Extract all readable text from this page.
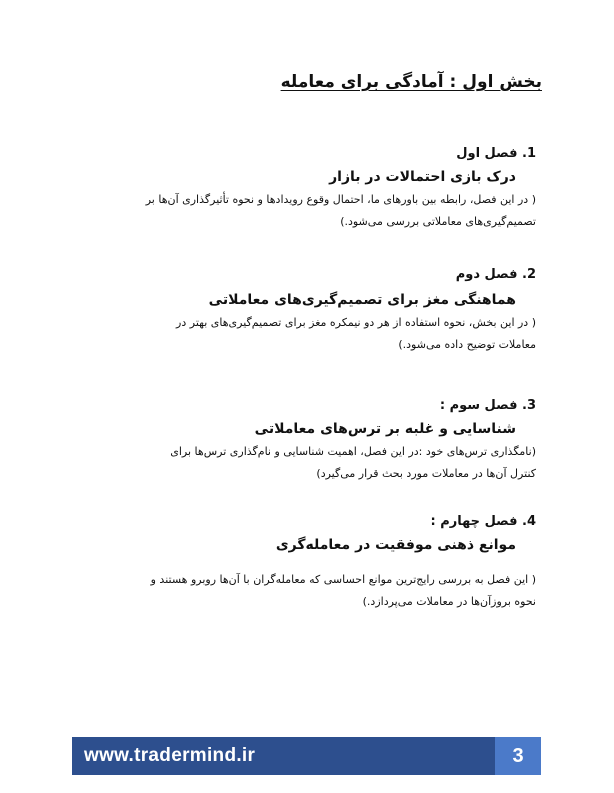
بخش اول : آمادگی برای معامله
1. فصل اول
درک بازی احتمالات در بازار
( در این فصل، رابطه بین باورهای ما، احتمال وقوع رویدادها و نحوه تأثیرگذاری آن‌ها بر تصمیم‌گیری‌های معاملاتی بررسی می‌شود.)
2. فصل دوم
هماهنگی مغز برای تصمیم‌گیری‌های معاملاتی
( در این بخش، نحوه استفاده از هر دو نیمکره مغز برای تصمیم‌گیری‌های بهتر در معاملات توضیح داده می‌شود.)
3. فصل سوم :
شناسایی و غلبه بر ترس‌های معاملاتی
(نامگذاری ترس‌های خود :در این فصل، اهمیت شناسایی و نام‌گذاری ترس‌ها برای کنترل آن‌ها در معاملات مورد بحث قرار می‌گیرد)
4. فصل چهارم :
موانع ذهنی موفقیت در معامله‌گری
( این فصل به بررسی رایج‌ترین موانع احساسی که معامله‌گران با آن‌ها روبرو هستند و نحوه بروزآن‌ها در معاملات می‌پردازد.)
www.tradermind.ir	3
